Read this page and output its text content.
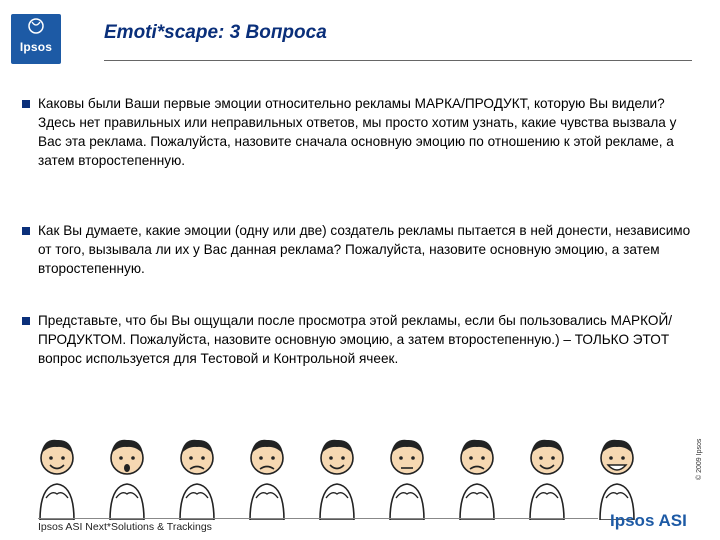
Ipsos
Emoti*scape: 3 Вопроса
Каковы были Ваши первые эмоции относительно рекламы МАРКА/ПРОДУКТ, которую Вы видели? Здесь нет правильных или неправильных ответов, мы просто хотим узнать, какие чувства вызвала у Вас эта реклама. Пожалуйста, назовите сначала основную эмоцию по отношению к этой рекламе, а затем второстепенную.
Как Вы думаете, какие эмоции (одну или две) создатель рекламы пытается в ней донести, независимо от того, вызывала ли их у Вас данная реклама? Пожалуйста, назовите основную эмоцию, а затем второстепенную.
Представьте, что бы Вы ощущали после просмотра этой рекламы, если бы пользовались МАРКОЙ/ПРОДУКТОМ. Пожалуйста, назовите основную эмоцию, а затем второстепенную.) – ТОЛЬКО ЭТОТ вопрос используется для Тестовой и Контрольной ячеек.
© 2009 Ipsos
Ipsos ASI Next*Solutions & Trackings	Ipsos ASI
